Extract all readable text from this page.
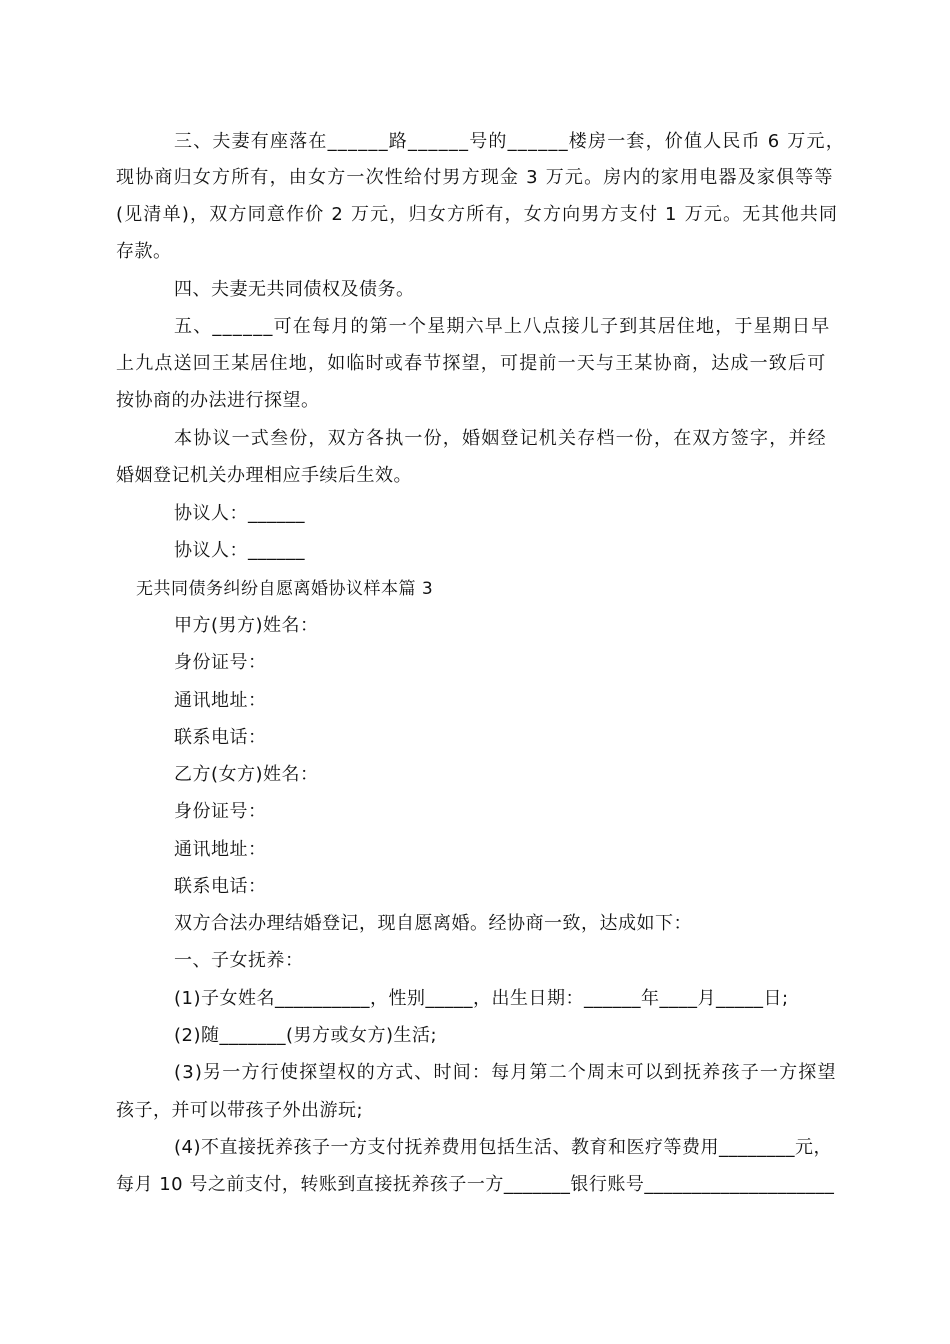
三、夫妻有座落在______路______号的______楼房一套，价值人民币 6 万元，
现协商归女方所有，由女方一次性给付男方现金 3 万元。房内的家用电器及家俱等等
(见清单)，双方同意作价 2 万元，归女方所有，女方向男方支付 1 万元。无其他共同
存款。
四、夫妻无共同债权及债务。
五、______可在每月的第一个星期六早上八点接儿子到其居住地，于星期日早
上九点送回王某居住地，如临时或春节探望，可提前一天与王某协商，达成一致后可
按协商的办法进行探望。
本协议一式叁份，双方各执一份，婚姻登记机关存档一份，在双方签字，并经
婚姻登记机关办理相应手续后生效。
协议人：______
协议人：______
无共同债务纠纷自愿离婚协议样本篇 3
甲方(男方)姓名：
身份证号：
通讯地址：
联系电话：
乙方(女方)姓名：
身份证号：
通讯地址：
联系电话：
双方合法办理结婚登记，现自愿离婚。经协商一致，达成如下：
一、子女抚养：
(1)子女姓名__________，性别_____，出生日期：______年____月_____日;
(2)随_______(男方或女方)生活;
(3)另一方行使探望权的方式、时间：每月第二个周末可以到抚养孩子一方探望
孩子，并可以带孩子外出游玩;
(4)不直接抚养孩子一方支付抚养费用包括生活、教育和医疗等费用________元，
每月 10 号之前支付，转账到直接抚养孩子一方_______银行账号____________________
